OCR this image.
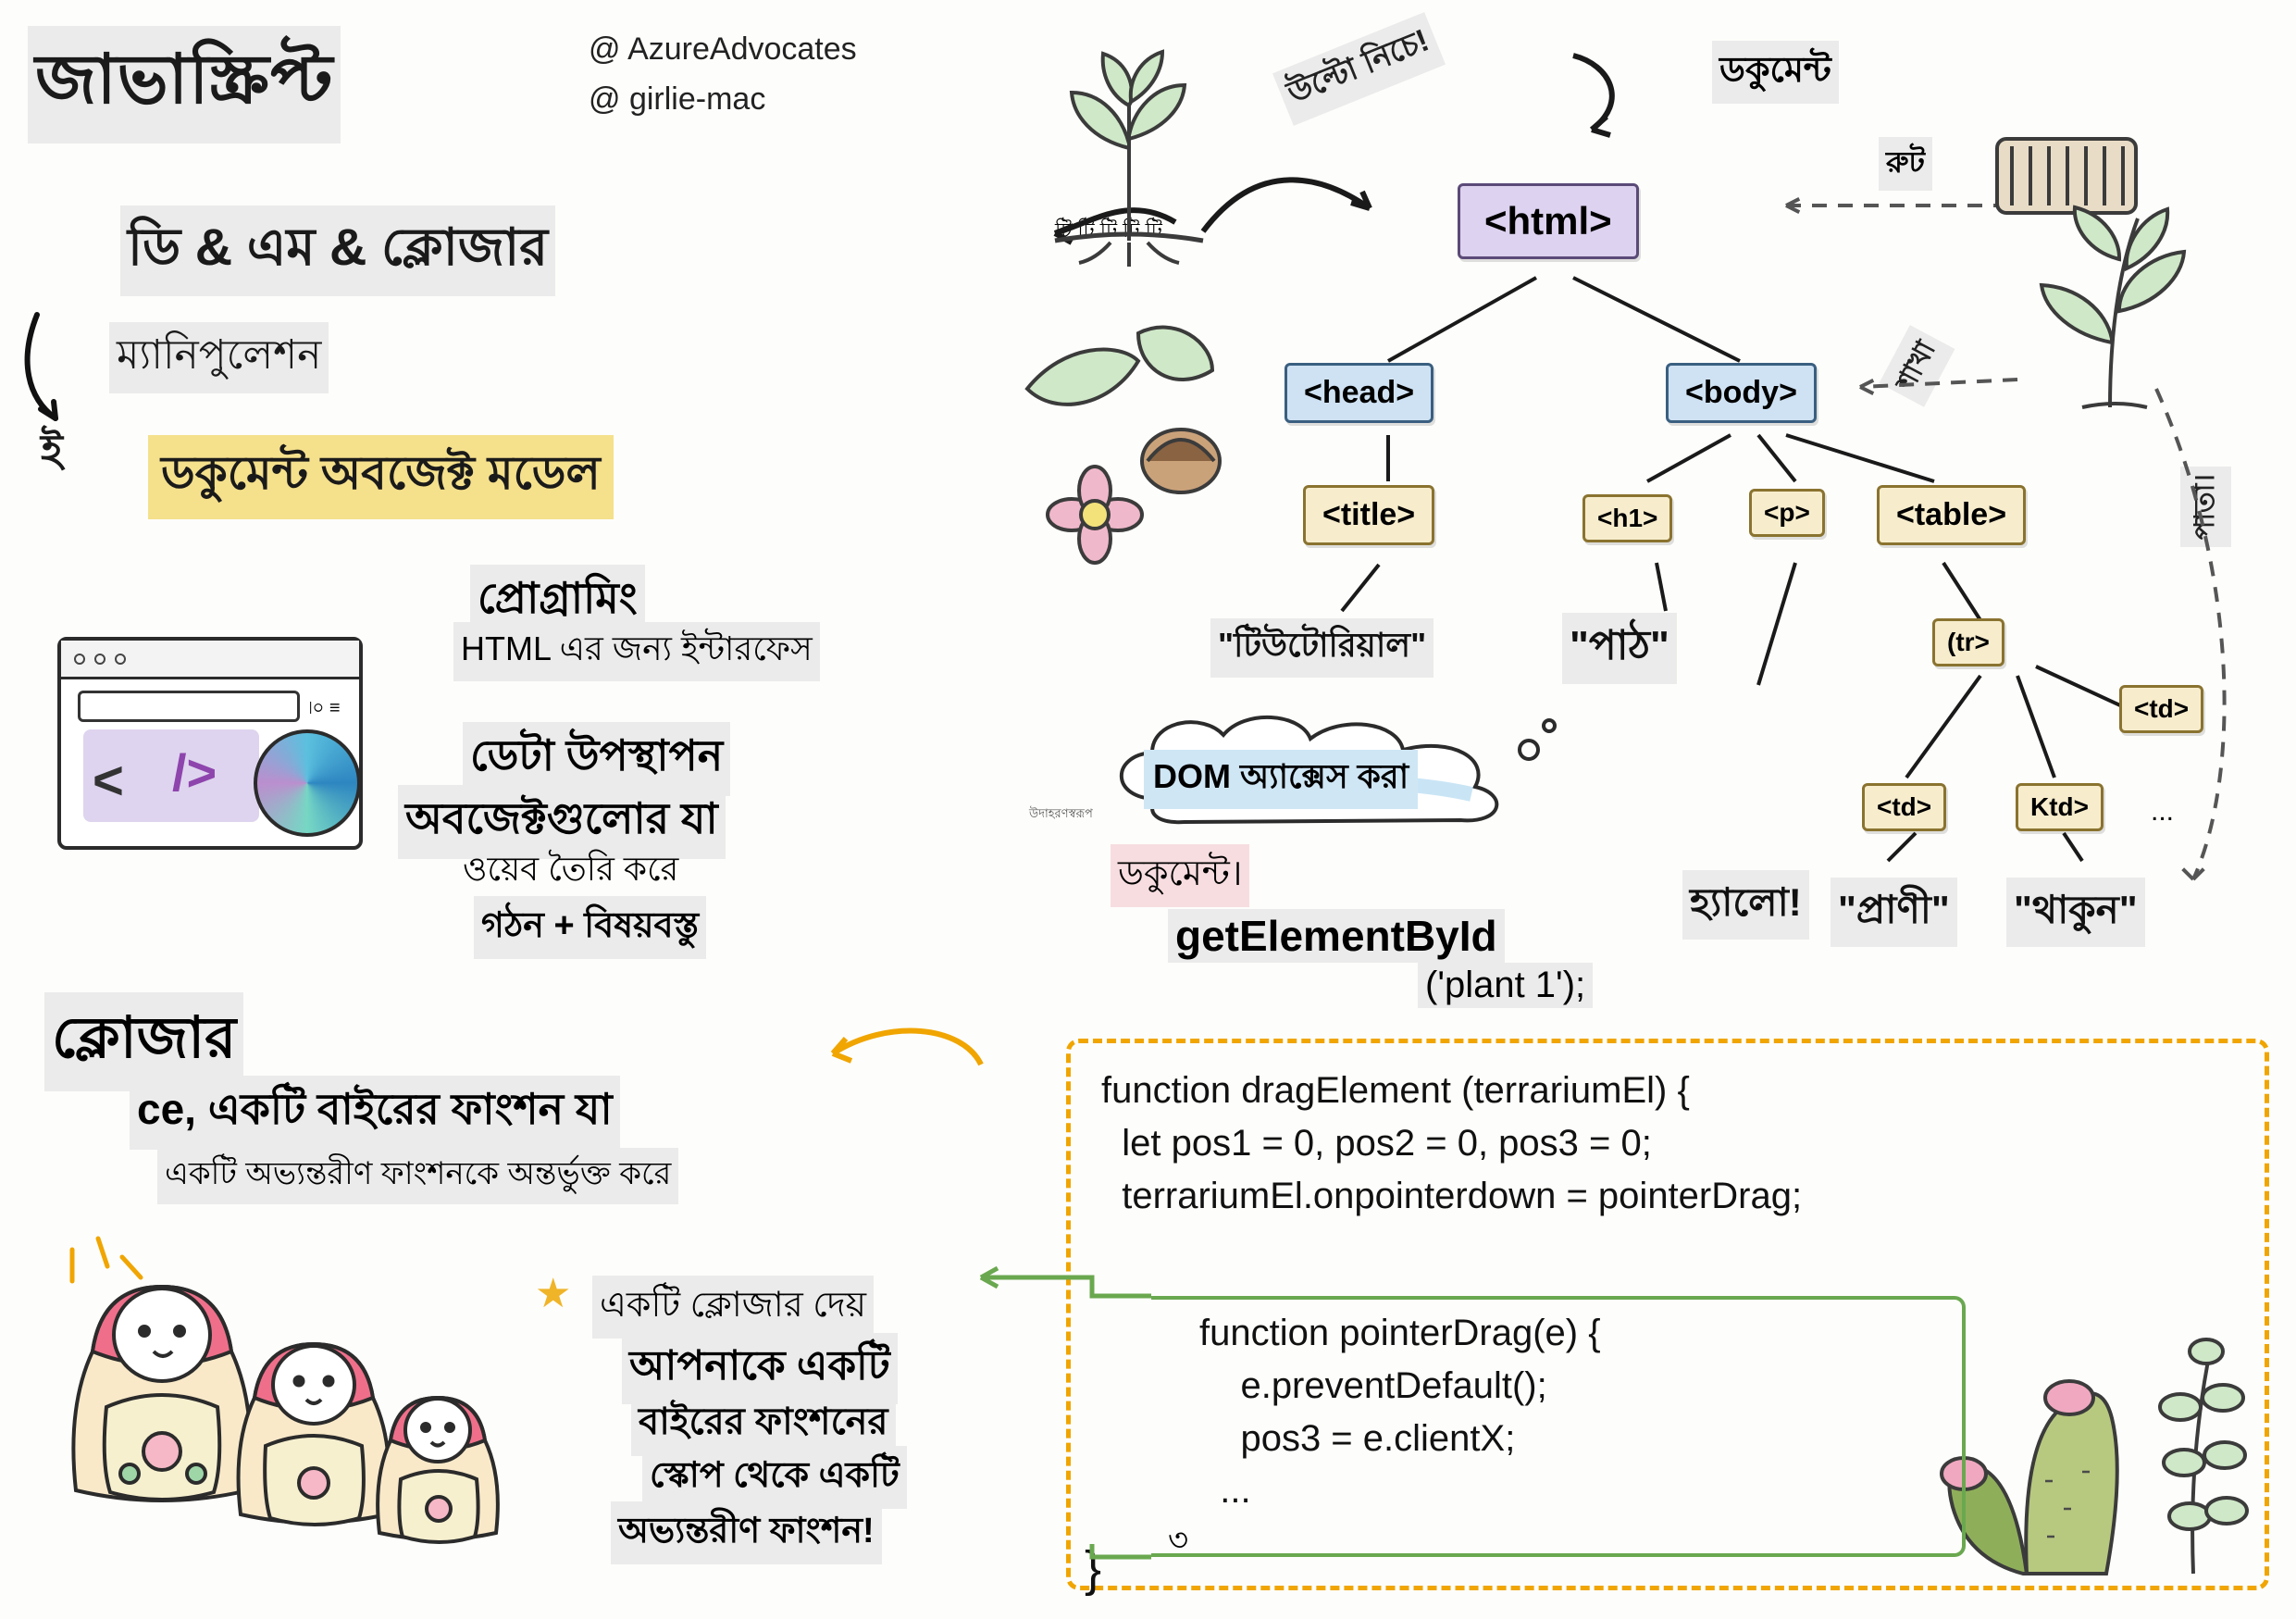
জাভাস্ক্রিপ্ট	@ AzureAdvocates
@ girlie-mac
ডি & এম & ক্লোজার
ম্যানিপুলেশন
ই ডকুমেন্ট অবজেক্ট মডেল
প্রোগ্রামিং
HTML এর জন্য ইন্টারফেস
ডেটা উপস্থাপন
অবজেক্টগুলোর যা
ওয়েব তৈরি করে
গঠন + বিষয়বস্তু
৷০ ≡
< />
ক্লোজার
ce, একটি বাইরের ফাংশন যা
একটি অভ্যন্তরীণ ফাংশনকে অন্তর্ভুক্ত করে
★ একটি ক্লোজার দেয়
আপনাকে একটি
বাইরের ফাংশনের
স্কোপ থেকে একটি
অভ্যন্তরীণ ফাংশন!
উল্টো নিচে!	ডকুমেন্ট
রুট
শাখা
পাতা।
টি টি টি টি টি	<html>
<head>	<body>
<title>	<h1>	<p>	<table>
(tr>
<td>	Ktd>
<td>
...
"টিউটোরিয়াল"	"পাঠ"
হ্যালো! "প্রাণী" "থাকুন"
DOM অ্যাক্সেস করা
উদাহরণস্বরূপ
ডকুমেন্ট।
getElementById
('plant 1');
function dragElement (terrariumEl) {
let pos1 = 0, pos2 = 0, pos3 = 0;
terrariumEl.onpointerdown = pointerDrag;
function pointerDrag(e) {
e.preventDefault();
pos3 = e.clientX;
...
৩
}
